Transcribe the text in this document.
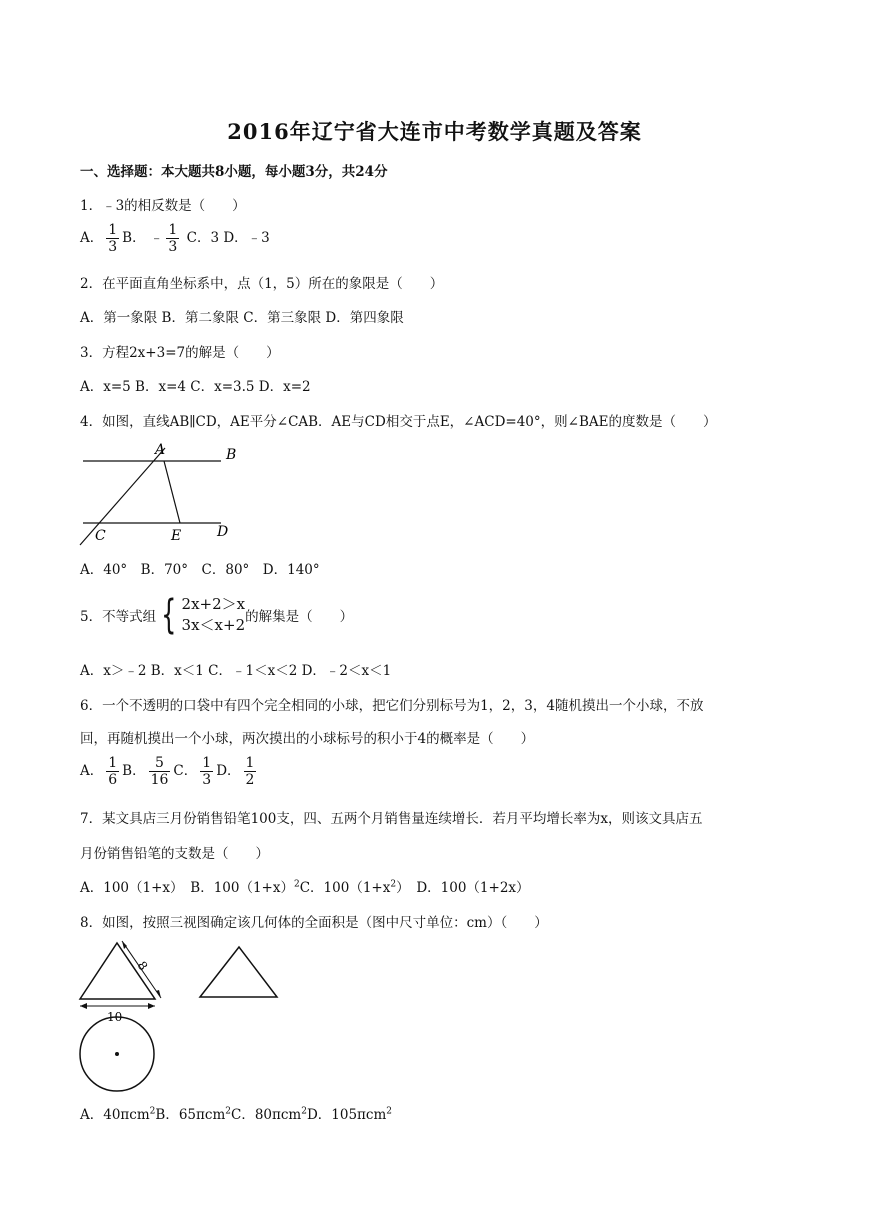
2016年辽宁省大连市中考数学真题及答案
一、选择题：本大题共8小题，每小题3分，共24分
1．﹣3的相反数是（　　）
A． $\frac{1}{3}$ B． ﹣ $\frac{1}{3}$ C．3 D．﹣3
2．在平面直角坐标系中，点（1，5）所在的象限是（　　）
A．第一象限 B．第二象限 C．第三象限 D．第四象限
3．方程2x+3=7的解是（　　）
A．x=5 B．x=4 C．x=3.5 D．x=2
4．如图，直线AB∥CD，AE平分∠CAB．AE与CD相交于点E，∠ACD=40°，则∠BAE的度数是（　　）
A	B
C	E	D
A．40°　B．70°　C．80°　D．140°
5．不等式组 { 2x+2＞x
3x＜x+2 的解集是（　　）
A．x＞﹣2 B．x＜1 C．﹣1＜x＜2 D．﹣2＜x＜1
6．一个不透明的口袋中有四个完全相同的小球，把它们分别标号为1，2，3，4随机摸出一个小球，不放
回，再随机摸出一个小球，两次摸出的小球标号的积小于4的概率是（　　）
A． $\frac{1}{6}$ B． $\frac{5}{16}$ C． $\frac{1}{3}$ D． $\frac{1}{2}$
7．某文具店三月份销售铅笔100支，四、五两个月销售量连续增长．若月平均增长率为x，则该文具店五
月份销售铅笔的支数是（　　）
A．100（1+x）　 B．$100(1+x)^2C$．$100(1+x^2)$　 D．100（1+2x）
8．如图，按照三视图确定该几何体的全面积是（图中尺寸单位：cm）（　　）
8
10
A．40πcm$^2$B．65πcm$^2$C．80πcm$^2$D．105πcm$^2$
